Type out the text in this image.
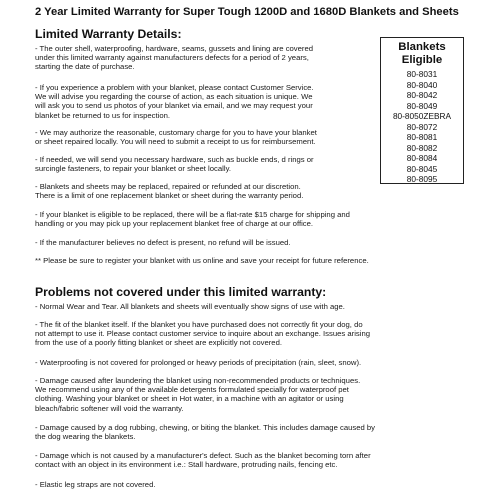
2 Year Limited Warranty for Super Tough 1200D and 1680D Blankets and Sheets
Limited Warranty Details:
- The outer shell, waterproofing, hardware, seams, gussets and lining are covered
under this limited warranty against manufacturers defects for a period of 2 years,
starting the date of purchase.
- If you experience a problem with your blanket, please contact Customer Service.
We will advise you regarding the course of action, as each situation is unique. We
will ask you to send us photos of your blanket via email, and we may request your
blanket be returned to us for inspection.
- We may authorize the reasonable, customary charge for you to have your blanket
or sheet repaired locally. You will need to submit a receipt to us for reimbursement.
- If needed, we will send you necessary hardware, such as buckle ends, d rings or
surcingle fasteners, to repair your blanket or sheet locally.
- Blankets and sheets may be replaced, repaired or refunded at our discretion.
There is a limit of one replacement blanket or sheet during the warranty period.
- If your blanket is eligible to be replaced, there will be a flat-rate $15 charge for shipping and
handling or you may pick up your replacement blanket free of charge at our office.
- If the manufacturer believes no defect is present, no refund will be issued.
** Please be sure to register your blanket with us online and save your receipt for future reference.
Problems not covered under this limited warranty:
- Normal Wear and Tear. All blankets and sheets will eventually show signs of use with age.
- The fit of the blanket itself. If the blanket you have purchased does not correctly fit your dog, do
not attempt to use it. Please contact customer service to inquire about an exchange. Issues arising
from the use of a poorly fitting blanket or sheet are explicitly not covered.
- Waterproofing is not covered for prolonged or heavy periods of precipitation (rain, sleet, snow).
- Damage caused after laundering the blanket using non-recommended products or techniques.
We recommend using any of the available detergents formulated specially for waterproof pet
clothing. Washing your blanket or sheet in Hot water, in a machine with an agitator or using
bleach/fabric softener will void the warranty.
- Damage caused by a dog rubbing, chewing, or biting the blanket. This includes damage caused by
the dog wearing the blankets.
- Damage which is not caused by a manufacturer's defect. Such as the blanket becoming torn after
contact with an object in its environment i.e.: Stall hardware, protruding nails, fencing etc.
- Elastic leg straps are not covered.
Blankets
Eligible
80-8031
80-8040
80-8042
80-8049
80-8050ZEBRA
80-8072
80-8081
80-8082
80-8084
80-8045
80-8095
